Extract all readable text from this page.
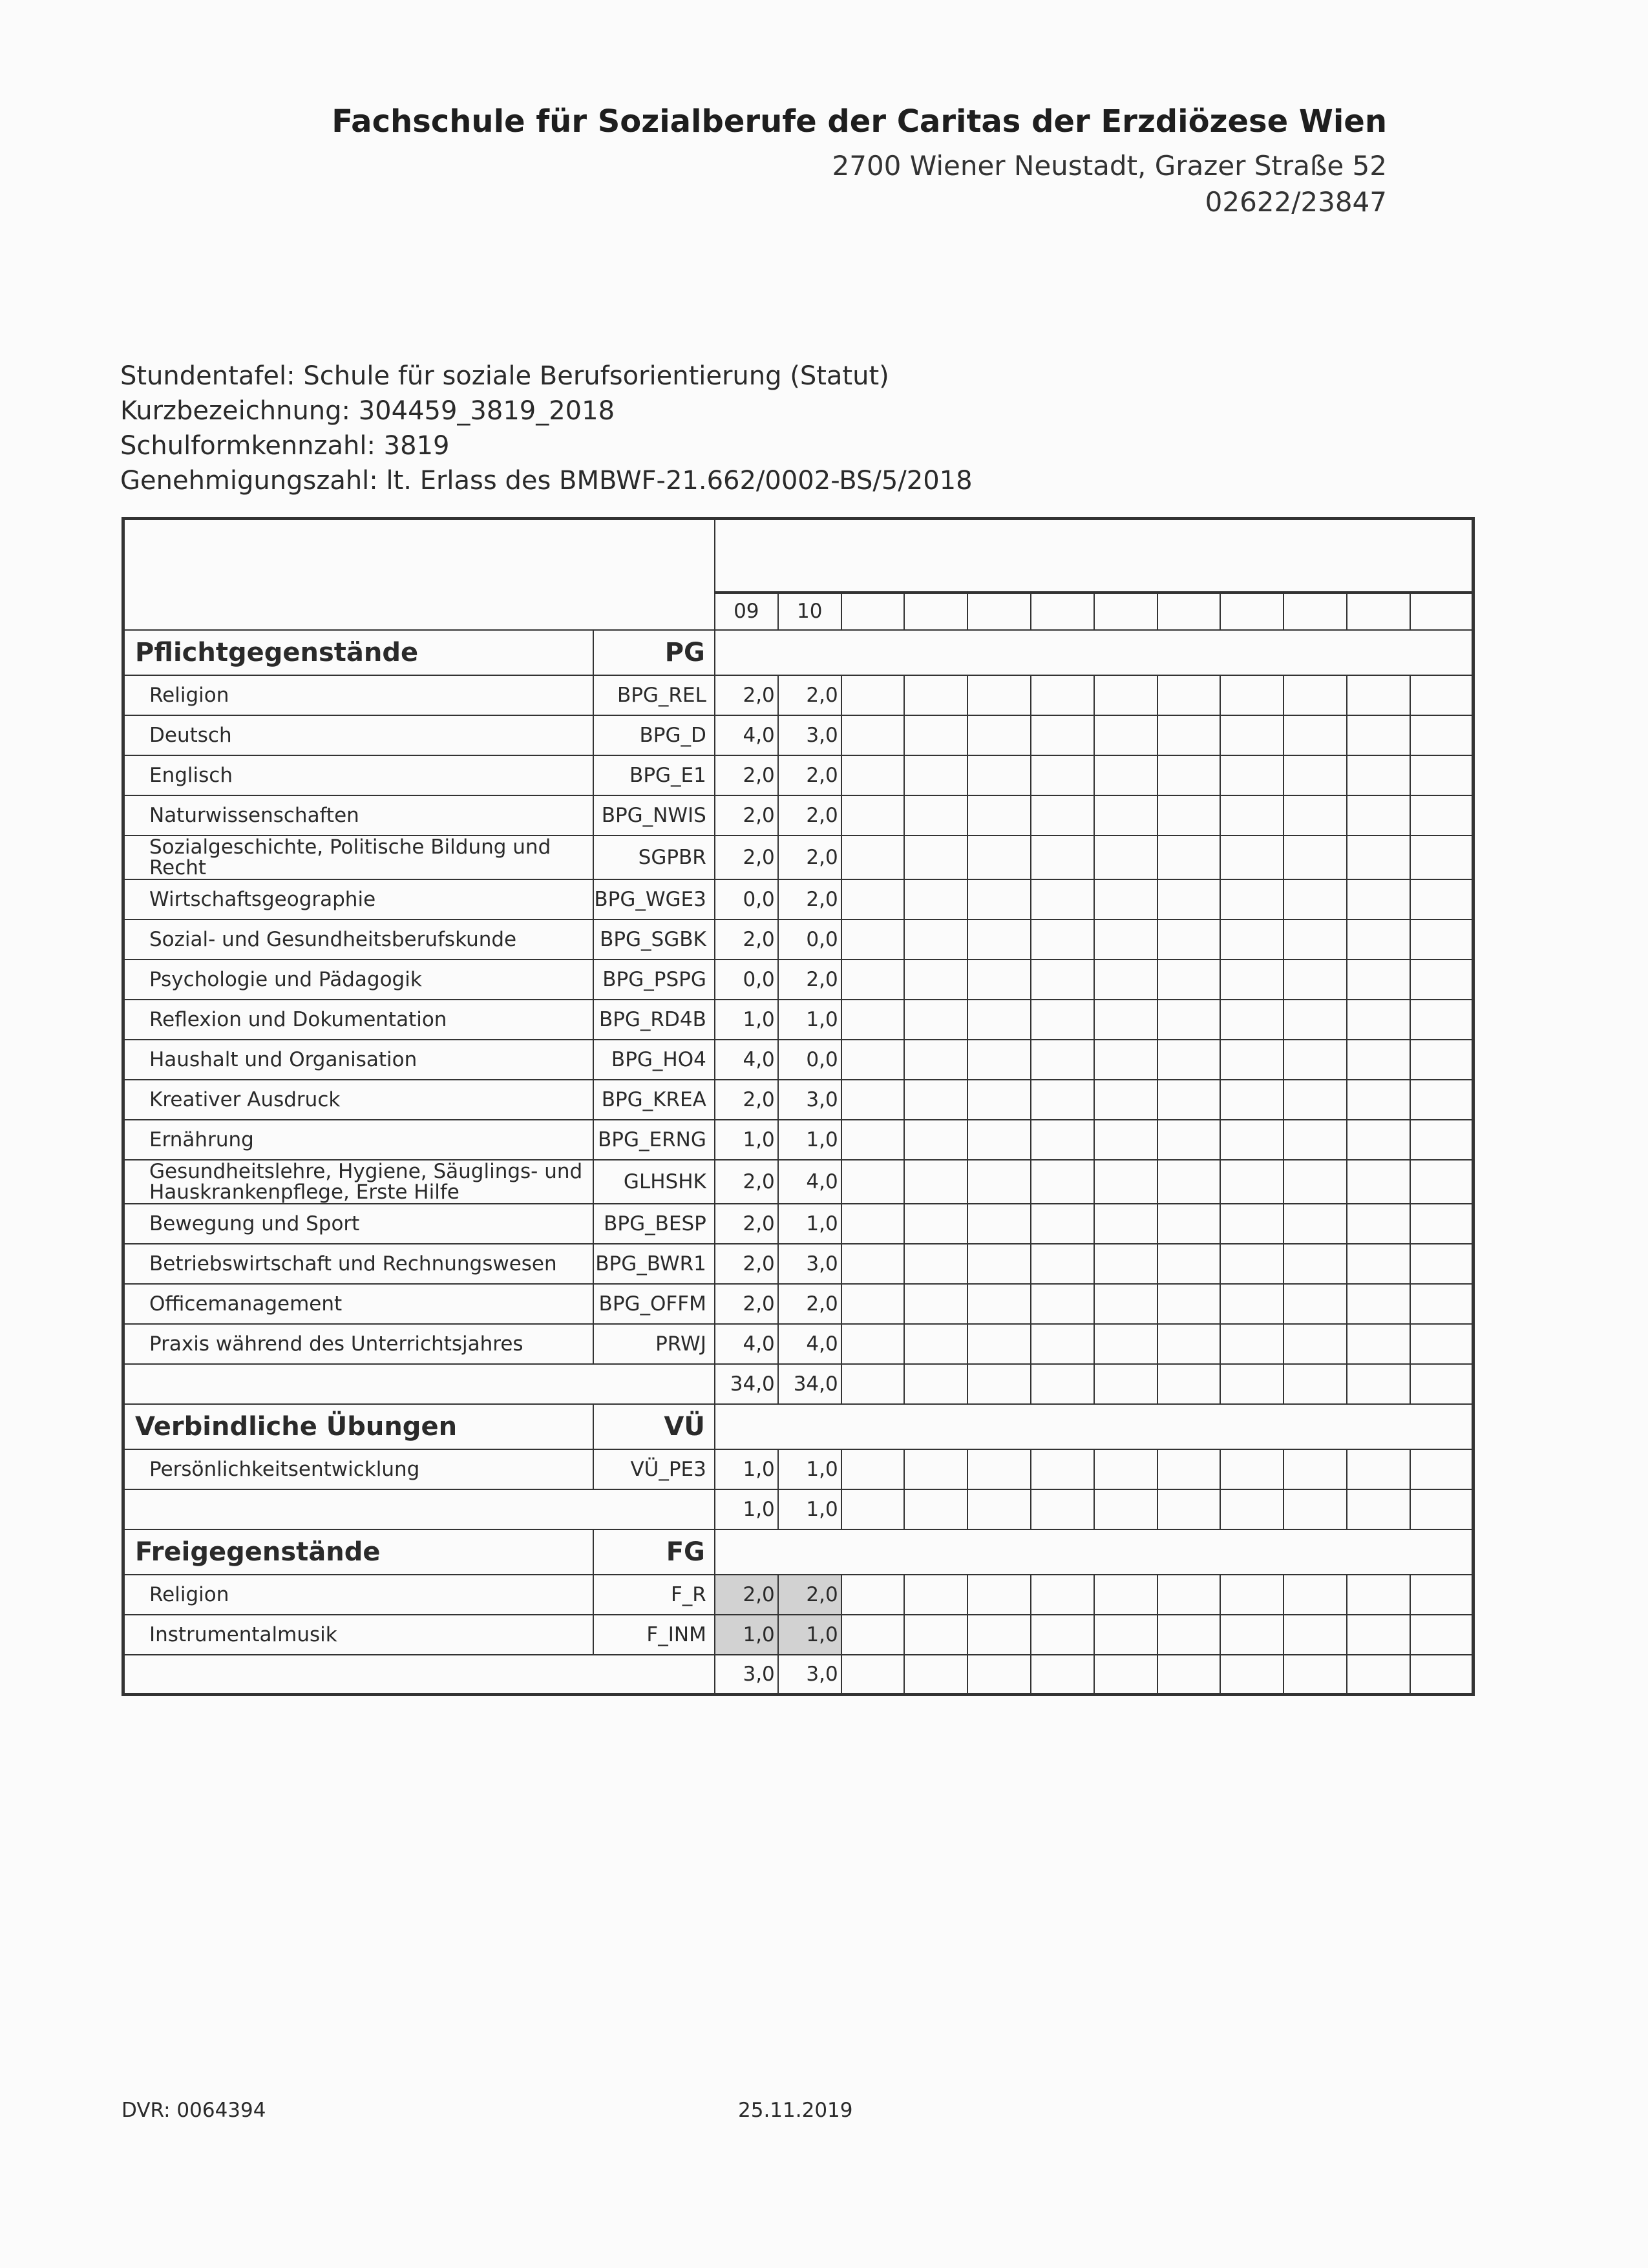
Fachschule für Sozialberufe der Caritas der Erzdiözese Wien
2700 Wiener Neustadt, Grazer Straße 52
02622/23847
Stundentafel: Schule für soziale Berufsorientierung (Statut)
Kurzbezeichnung: 304459_3819_2018
Schulformkennzahl: 3819
Genehmigungszahl: lt. Erlass des BMBWF-21.662/0002-BS/5/2018

		09	10										
Pflichtgegenstände	PG												
Religion	BPG_REL	2,0	2,0										
Deutsch	BPG_D	4,0	3,0										
Englisch	BPG_E1	2,0	2,0										
Naturwissenschaften	BPG_NWIS	2,0	2,0										
Sozialgeschichte, Politische Bildung und Recht	SGPBR	2,0	2,0										
Wirtschaftsgeographie	BPG_WGE3	0,0	2,0										
Sozial- und Gesundheitsberufskunde	BPG_SGBK	2,0	0,0										
Psychologie und Pädagogik	BPG_PSPG	0,0	2,0										
Reflexion und Dokumentation	BPG_RD4B	1,0	1,0										
Haushalt und Organisation	BPG_HO4	4,0	0,0										
Kreativer Ausdruck	BPG_KREA	2,0	3,0										
Ernährung	BPG_ERNG	1,0	1,0										
Gesundheitslehre, Hygiene, Säuglings- und Hauskrankenpflege, Erste Hilfe	GLHSHK	2,0	4,0										
Bewegung und Sport	BPG_BESP	2,0	1,0										
Betriebswirtschaft und Rechnungswesen	BPG_BWR1	2,0	3,0										
Officemanagement	BPG_OFFM	2,0	2,0										
Praxis während des Unterrichtsjahres	PRWJ	4,0	4,0										
		34,0	34,0										
Verbindliche Übungen	VÜ												
Persönlichkeitsentwicklung	VÜ_PE3	1,0	1,0										
		1,0	1,0										
Freigegenstände	FG												
Religion	F_R	2,0	2,0										
Instrumentalmusik	F_INM	1,0	1,0										
		3,0	3,0										
DVR: 0064394	25.11.2019
